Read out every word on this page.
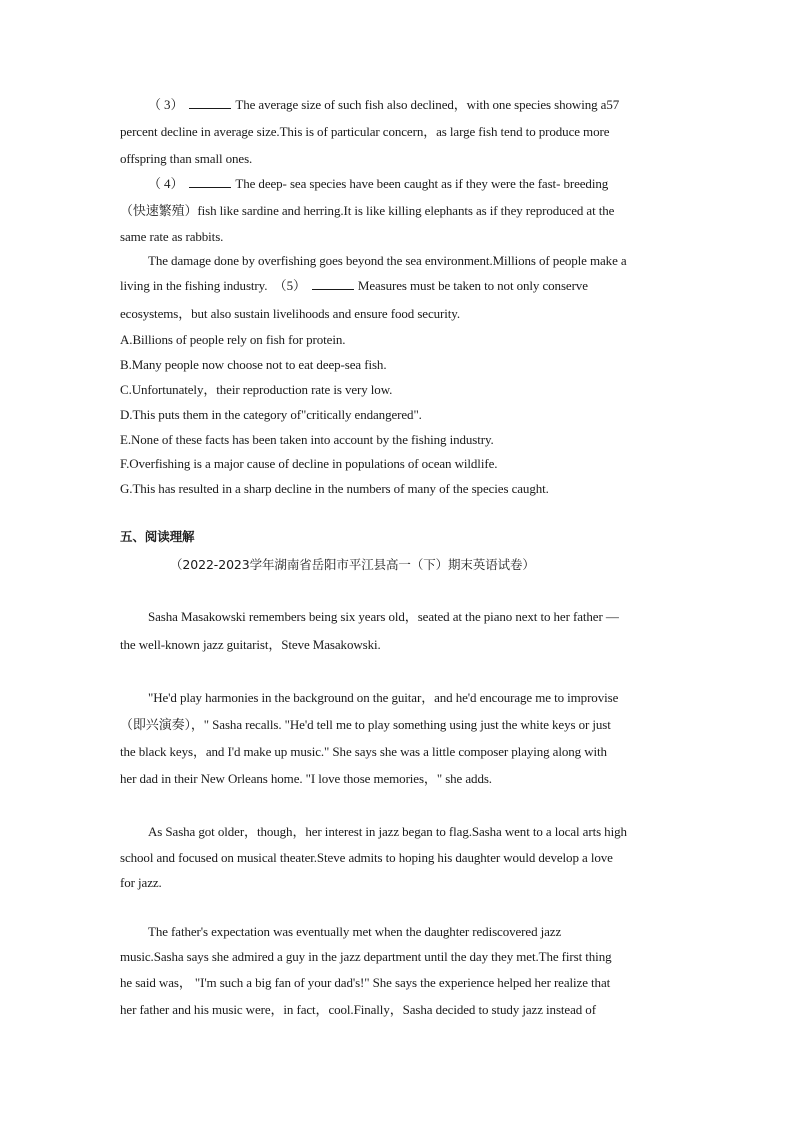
（ 3）	The average size of such fish also declined，with one species showing a57
percent decline in average size.This is of particular concern，as large fish tend to produce more
offspring than small ones.
（ 4）	The deep- sea species have been caught as if they were the fast- breeding
（快速繁殖）fish like sardine and herring.It is like killing elephants as if they reproduced at the
same rate as rabbits.
The damage done by overfishing goes beyond the sea environment.Millions of people make a
living in the fishing industry. （5）	Measures must be taken to not only conserve
ecosystems，but also sustain livelihoods and ensure food security.
A.Billions of people rely on fish for protein.
B.Many people now choose not to eat deep-sea fish.
C.Unfortunately，their reproduction rate is very low.
D.This puts them in the category of"critically endangered".
E.None of these facts has been taken into account by the fishing industry.
F.Overfishing is a major cause of decline in populations of ocean wildlife.
G.This has resulted in a sharp decline in the numbers of many of the species caught.
五、阅读理解
（2022-2023学年湖南省岳阳市平江县高一（下）期末英语试卷）
Sasha Masakowski remembers being six years old，seated at the piano next to her father —
the well-known jazz guitarist，Steve Masakowski.
"He'd play harmonies in the background on the guitar，and he'd encourage me to improvise
（即兴演奏），" Sasha recalls. "He'd tell me to play something using just the white keys or just
the black keys，and I'd make up music." She says she was a little composer playing along with
her dad in their New Orleans home. "I love those memories，" she adds.
As Sasha got older，though，her interest in jazz began to flag.Sasha went to a local arts high
school and focused on musical theater.Steve admits to hoping his daughter would develop a love
for jazz.
The father's expectation was eventually met when the daughter rediscovered jazz
music.Sasha says she admired a guy in the jazz department until the day they met.The first thing
he said was， "I'm such a big fan of your dad's!" She says the experience helped her realize that
her father and his music were，in fact，cool.Finally，Sasha decided to study jazz instead of
